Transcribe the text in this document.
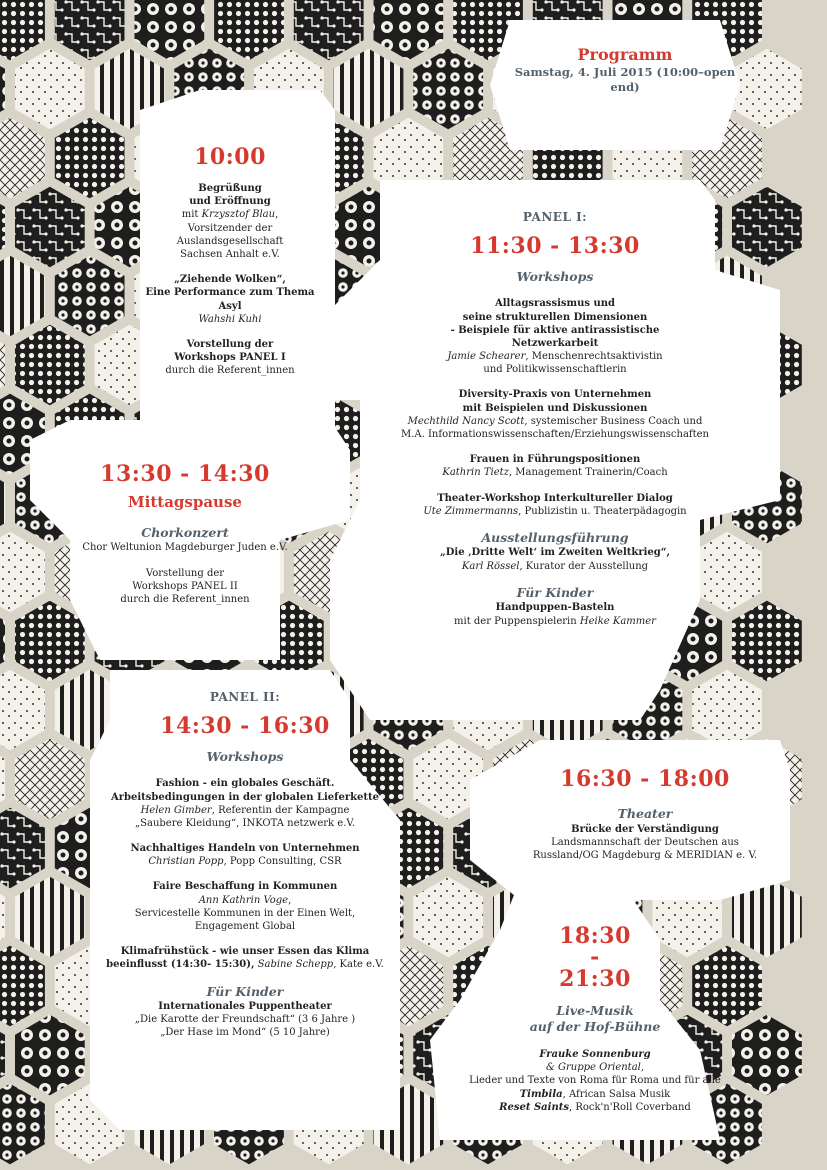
Programm
Samstag, 4. Juli 2015 (10:00–open end)
10:00
Begrüßung
und Eröffnung
mit Krzysztof Blau,
Vorsitzender der
Auslandsgesellschaft
Sachsen Anhalt e.V.
„Ziehende Wolken“,
Eine Performance zum Thema Asyl
Wahshi Kuhi
Vorstellung der
Workshops PANEL I
durch die Referent_innen
13:30 - 14:30
Mittagspause
Chorkonzert
Chor Weltunion Magdeburger Juden e.V.
Vorstellung der
Workshops PANEL II
durch die Referent_innen
PANEL II:
14:30 - 16:30
Workshops
Fashion - ein globales Geschäft.
Arbeitsbedingungen in der globalen Lieferkette
Helen Gimber, Referentin der Kampagne
„Saubere Kleidung“, INKOTA netzwerk e.V.
Nachhaltiges Handeln von Unternehmen
Christian Popp, Popp Consulting, CSR
Faire Beschaffung in Kommunen
Ann Kathrin Voge,
Servicestelle Kommunen in der Einen Welt,
Engagement Global
Klimafrühstück - wie unser Essen das Klima
beeinflusst (14:30- 15:30), Sabine Schepp, Kate e.V.
Für Kinder
Internationales Puppentheater
„Die Karotte der Freundschaft“ (3 6 Jahre )
„Der Hase im Mond“ (5 10 Jahre)
PANEL I:
11:30 - 13:30
Workshops
Alltagsrassismus und
seine strukturellen Dimensionen
- Beispiele für aktive antirassistische
Netzwerkarbeit
Jamie Schearer, Menschenrechtsaktivistin
und Politikwissenschaftlerin
Diversity-Praxis von Unternehmen
mit Beispielen und Diskussionen
Mechthild Nancy Scott, systemischer Business Coach und
M.A. Informationswissenschaften/Erziehungswissenschaften
Frauen in Führungspositionen
Kathrin Tietz, Management Trainerin/Coach
Theater-Workshop Interkultureller Dialog
Ute Zimmermanns, Publizistin u. Theaterpädagogin
Ausstellungsführung
„Die ‚Dritte Welt‘ im Zweiten Weltkrieg“,
Karl Rössel, Kurator der Ausstellung
Für Kinder
Handpuppen-Basteln
mit der Puppenspielerin Heike Kammer
16:30 - 18:00
Theater
Brücke der Verständigung
Landsmannschaft der Deutschen aus
Russland/OG Magdeburg & MERIDIAN e. V.
18:30
-
21:30
Live-Musik
auf der Hof-Bühne
Frauke Sonnenburg
& Gruppe Oriental,
Lieder und Texte von Roma für Roma und für alle
Timbila, African Salsa Musik
Reset Saints, Rock'n'Roll Coverband
